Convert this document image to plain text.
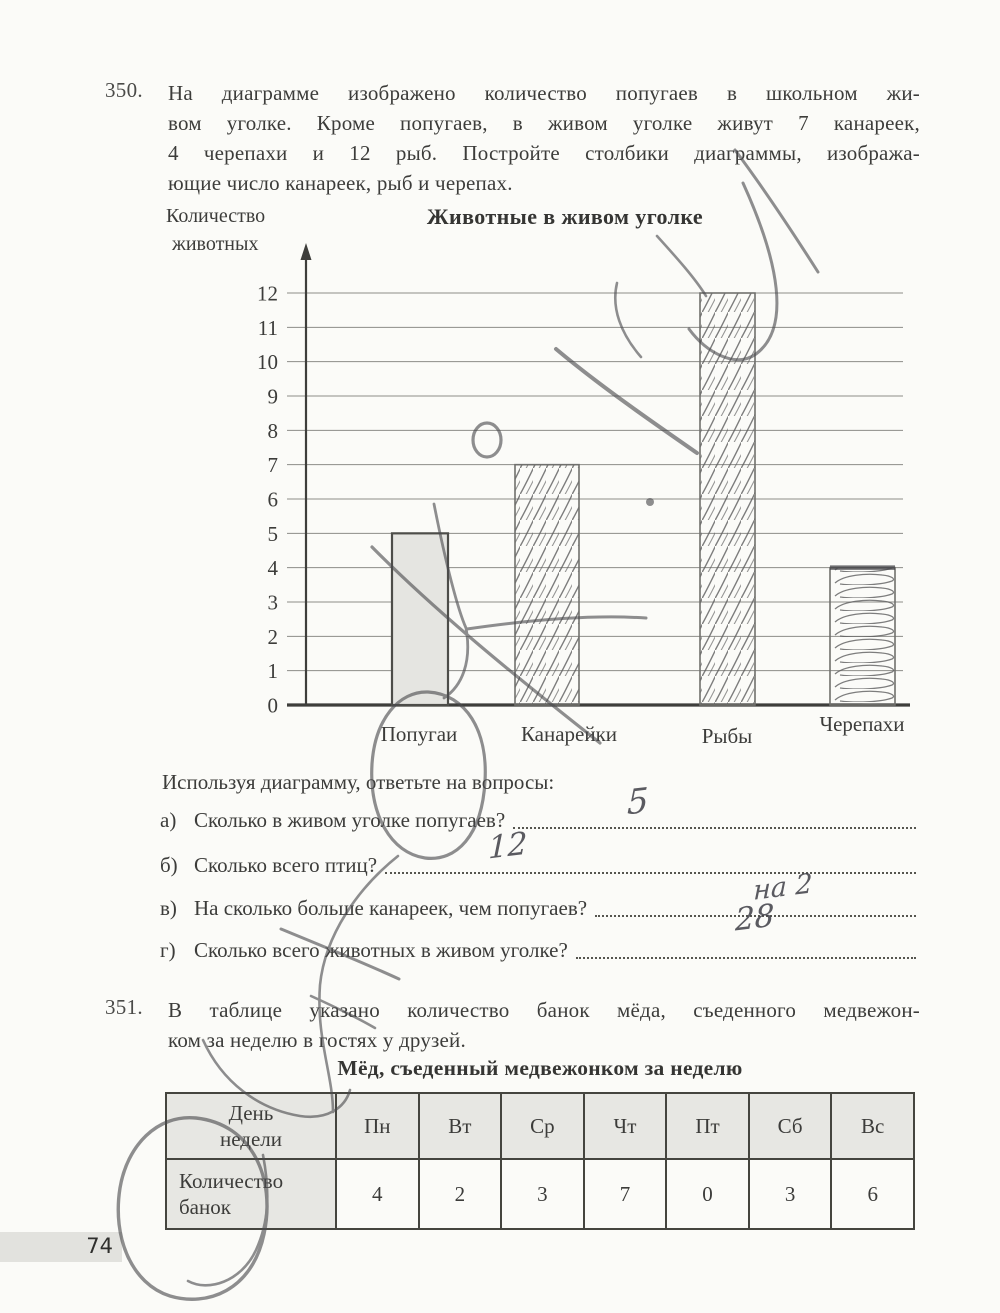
350. На диаграмме изображено количество попугаев в школьном жи-
вом уголке. Кроме попугаев, в живом уголке живут 7 канареек,
4 черепахи и 12 рыб. Постройте столбики диаграммы, изобража-
ющие число канареек, рыб и черепах.
0
1
2
3
4
5
6
7
8
9
10
11
12
Животные в живом уголке
Количество
животных
Попугаи	Канарейки	Рыбы	Черепахи
Используя диаграмму, ответьте на вопросы:
а) Сколько в живом уголке попугаев?
б) Сколько всего птиц?
в) На сколько больше канареек, чем попугаев?
г) Сколько всего животных в живом уголке?
5
12
на 2
28
351. В таблице указано количество банок мёда, съеденного медвежон-
ком за неделю в гостях у друзей.
Мёд, съеденный медвежонком за неделю
День
недели	Пн	Вт	Ср	Чт	Пт	Сб	Вс

Количество
банок	4	2	3	7	0	3	6
74
